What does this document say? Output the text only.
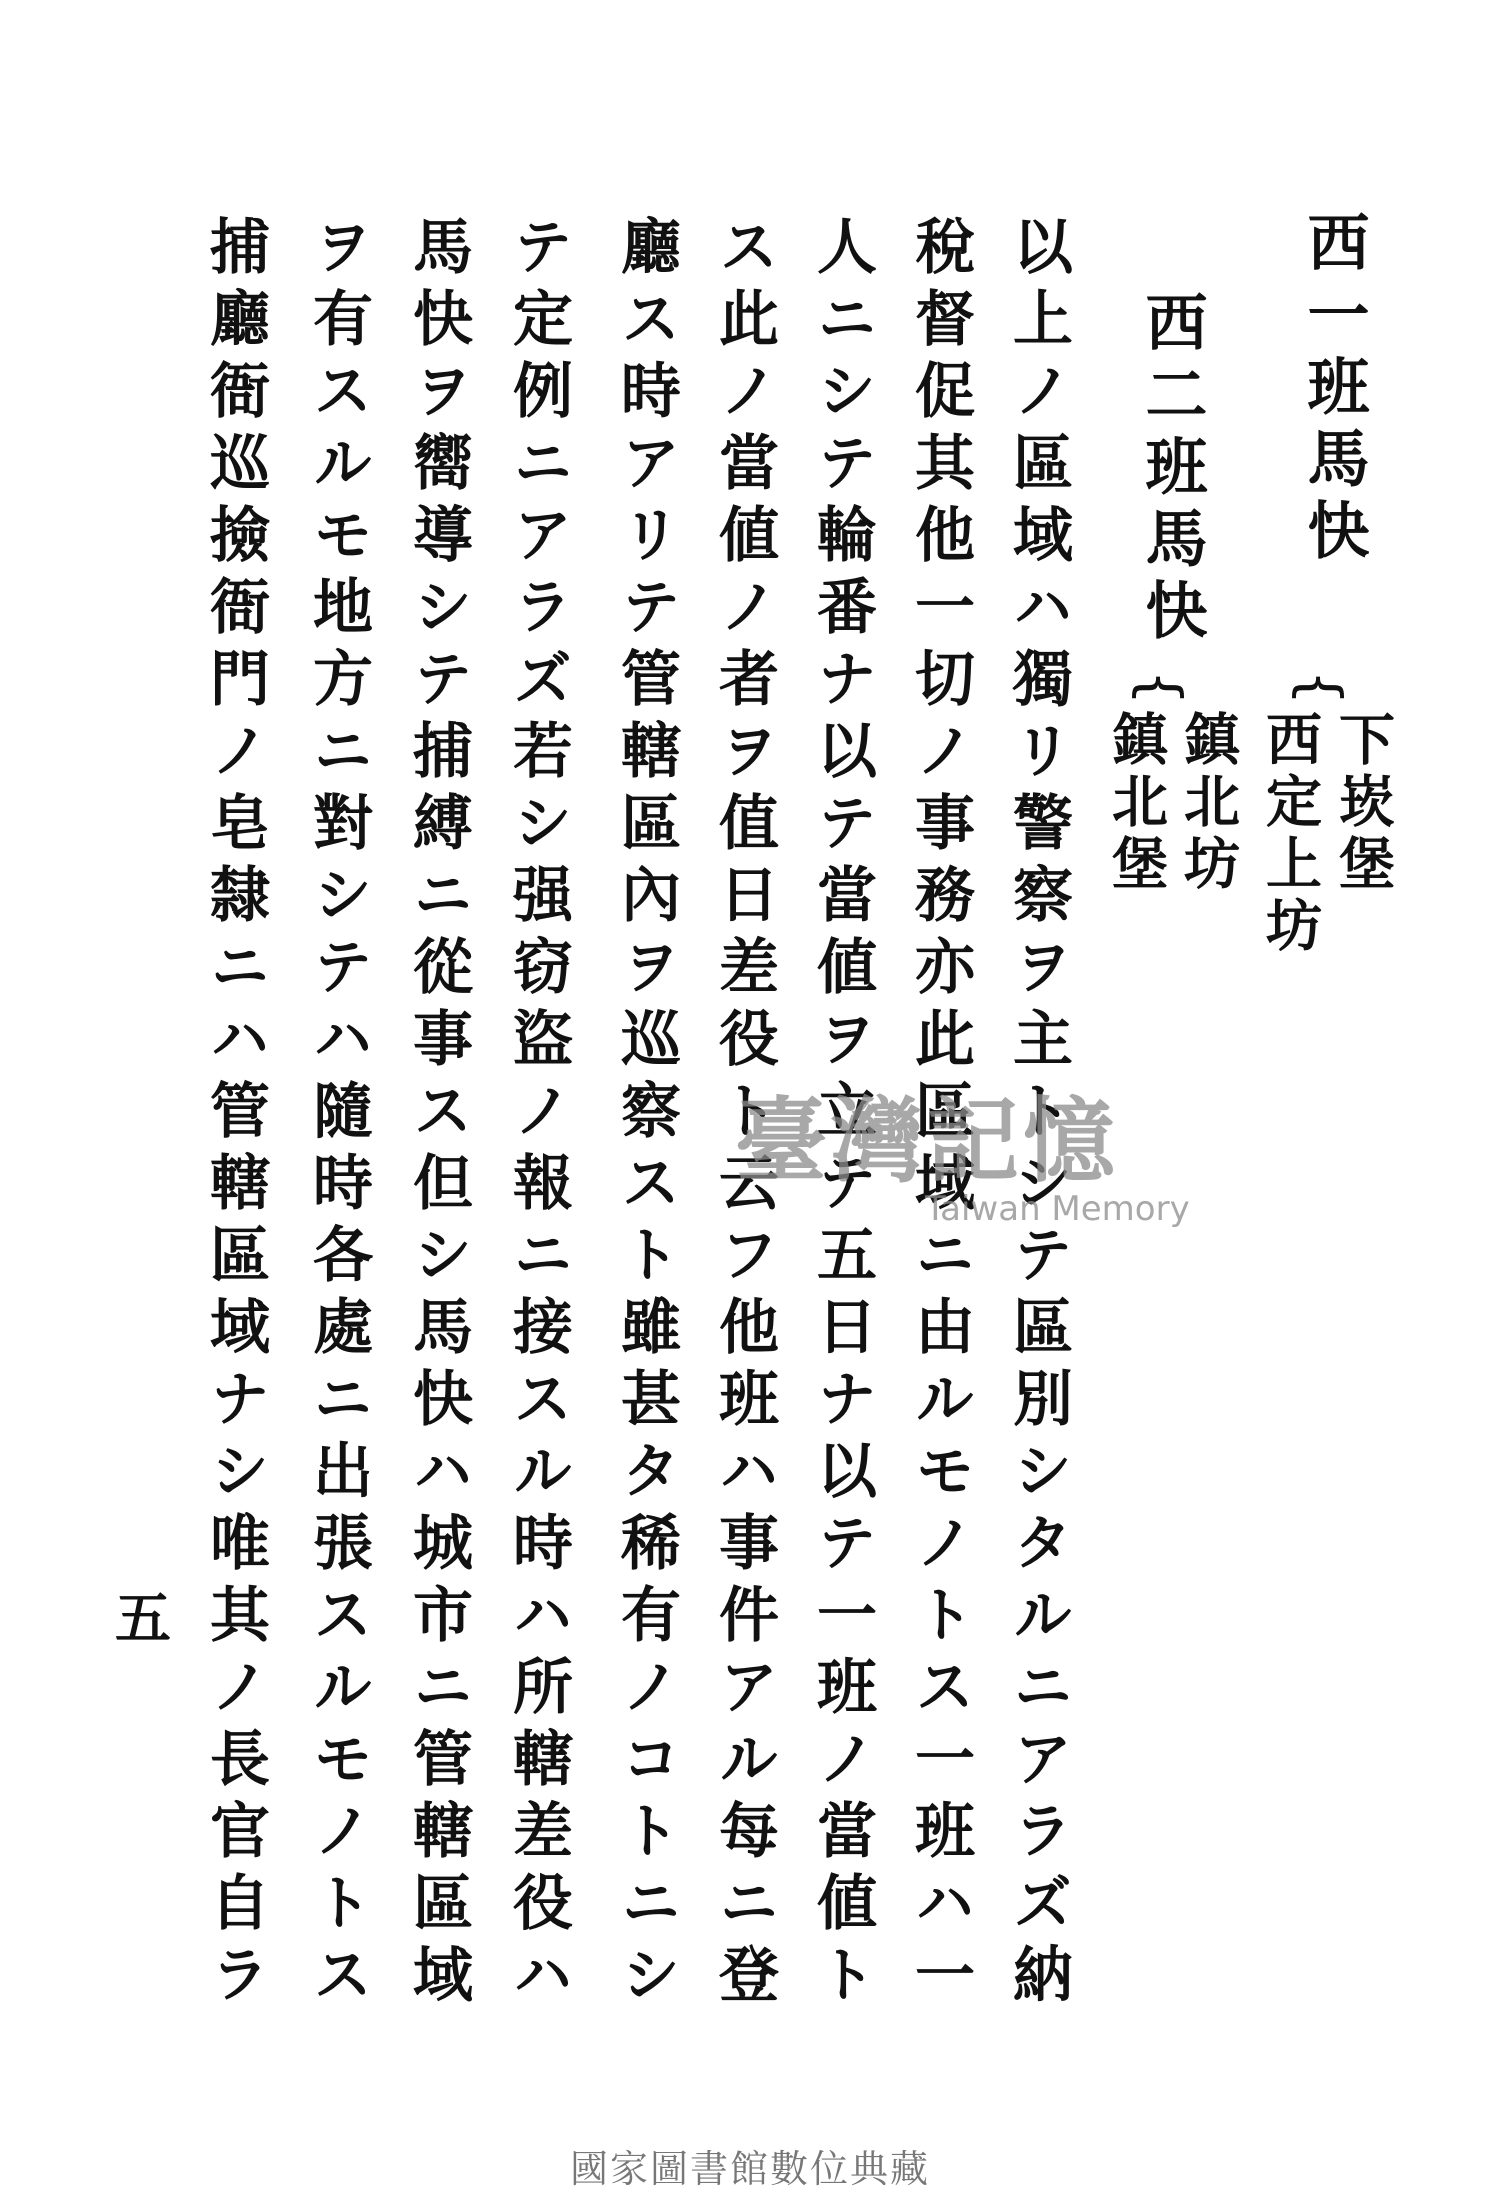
西一班馬快
西二班馬快
{
{
下崁堡
西定上坊
鎮北坊
鎮北堡
以上ノ區域ハ獨リ警察ヲ主トシテ區別シタルニアラズ納
稅督促其他一切ノ事務亦此區域ニ由ルモノトス一班ハ一
人ニシテ輪番ナ以テ當値ヲ立テ五日ナ以テ一班ノ當値ト
ス此ノ當値ノ者ヲ值日差役ト云フ他班ハ事件アル每ニ登
廳ス時アリテ管轄區內ヲ巡察スト雖甚タ稀有ノコトニシ
テ定例ニアラズ若シ强窃盜ノ報ニ接スル時ハ所轄差役ハ
馬快ヲ嚮導シテ捕縛ニ從事ス但シ馬快ハ城市ニ管轄區域
ヲ有スルモ地方ニ對シテハ隨時各處ニ出張スルモノトス
捕廳衙巡撿衙門ノ皂隸ニハ管轄區域ナシ唯其ノ長官自ラ
五
臺灣記憶
Taiwan Memory
國家圖書館數位典藏
